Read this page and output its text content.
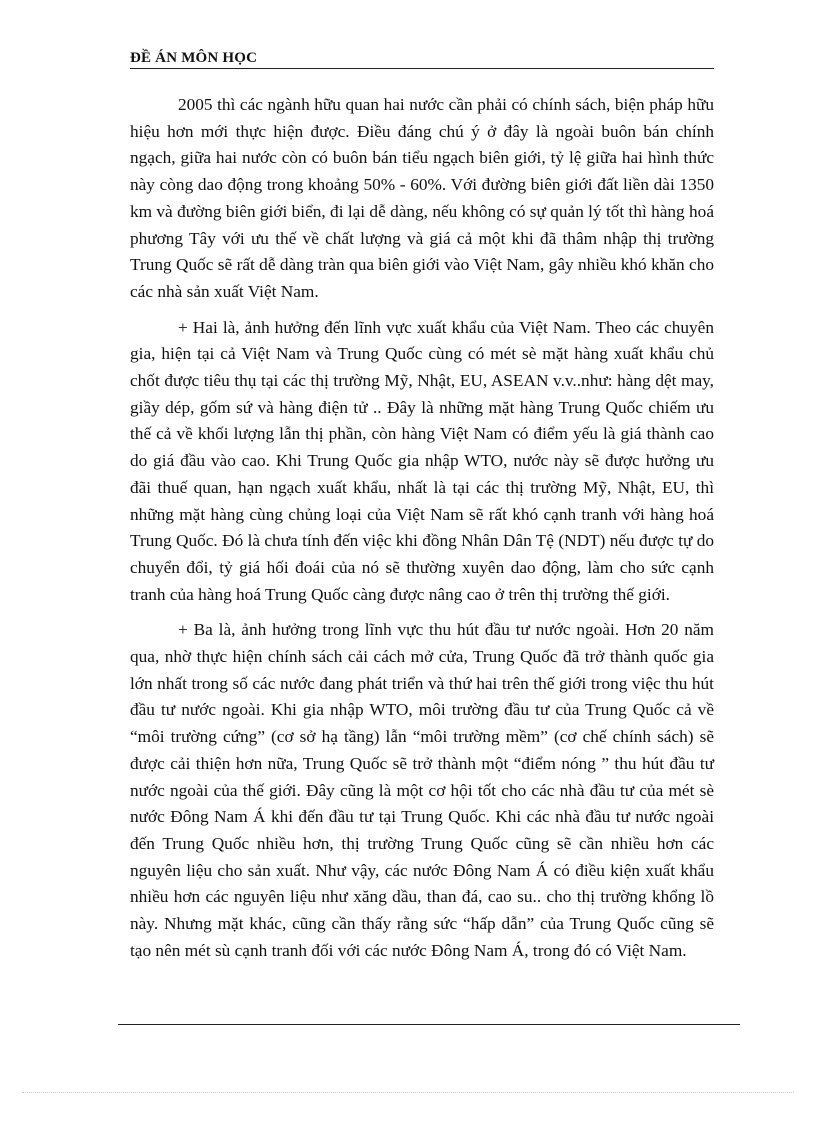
ĐỀ ÁN MÔN HỌC

2005 thì các ngành hữu quan hai nước cần phải có chính sách, biện pháp hữu hiệu hơn mới thực hiện được. Điều đáng chú ý ở đây là ngoài buôn bán chính ngạch, giữa hai nước còn có buôn bán tiểu ngạch biên giới, tỷ lệ giữa hai hình thức này còng dao động trong khoảng 50% - 60%. Với đường biên giới đất liền dài 1350 km và đường biên giới biển, đi lại dễ dàng, nếu không có sự quản lý tốt thì hàng hoá phương Tây với ưu thế về chất lượng và giá cả một khi đã thâm nhập thị trường Trung Quốc sẽ rất dễ dàng tràn qua biên giới vào Việt Nam, gây nhiều khó khăn cho các nhà sản xuất Việt Nam.

+ Hai là, ảnh hưởng đến lĩnh vực xuất khẩu của Việt Nam. Theo các chuyên gia, hiện tại cả Việt Nam và Trung Quốc cùng có mét sè mặt hàng xuất khẩu chủ chốt được tiêu thụ tại các thị trường Mỹ, Nhật, EU, ASEAN v.v..như: hàng dệt may, giầy dép, gốm sứ và hàng điện tử .. Đây là những mặt hàng Trung Quốc chiếm ưu thế cả về khối lượng lẫn thị phần, còn hàng Việt Nam có điểm yếu là giá thành cao do giá đầu vào cao. Khi Trung Quốc gia nhập WTO, nước này sẽ được hưởng ưu đãi thuế quan, hạn ngạch xuất khẩu, nhất là tại các thị trường Mỹ, Nhật, EU, thì những mặt hàng cùng chủng loại của Việt Nam sẽ rất khó cạnh tranh với hàng hoá Trung Quốc. Đó là chưa tính đến việc khi đồng Nhân Dân Tệ (NDT) nếu được tự do chuyển đổi, tỷ giá hối đoái của nó sẽ thường xuyên dao động, làm cho sức cạnh tranh của hàng hoá Trung Quốc càng được nâng cao ở trên thị trường thế giới.

+ Ba là, ảnh hưởng trong lĩnh vực thu hút đầu tư nước ngoài. Hơn 20 năm qua, nhờ thực hiện chính sách cải cách mở cửa, Trung Quốc đã trở thành quốc gia lớn nhất trong số các nước đang phát triển và thứ hai trên thế giới trong việc thu hút đầu tư nước ngoài. Khi gia nhập WTO, môi trường đầu tư của Trung Quốc cả về “môi trường cứng” (cơ sở hạ tầng) lẫn “môi trường mềm” (cơ chế chính sách) sẽ được cải thiện hơn nữa, Trung Quốc sẽ trở thành một “điểm nóng ” thu hút đầu tư nước ngoài của thế giới. Đây cũng là một cơ hội tốt cho các nhà đầu tư của mét sè nước Đông Nam Á khi đến đầu tư tại Trung Quốc. Khi các nhà đầu tư nước ngoài đến Trung Quốc nhiều hơn, thị trường Trung Quốc cũng sẽ cần nhiều hơn các nguyên liệu cho sản xuất. Như vậy, các nước Đông Nam Á có điều kiện xuất khẩu nhiều hơn các nguyên liệu như xăng dầu, than đá, cao su.. cho thị trường khổng lồ này. Nhưng mặt khác, cũng cần thấy rằng sức “hấp dẫn” của Trung Quốc cũng sẽ tạo nên mét sù cạnh tranh đối với các nước Đông Nam Á, trong đó có Việt Nam.
